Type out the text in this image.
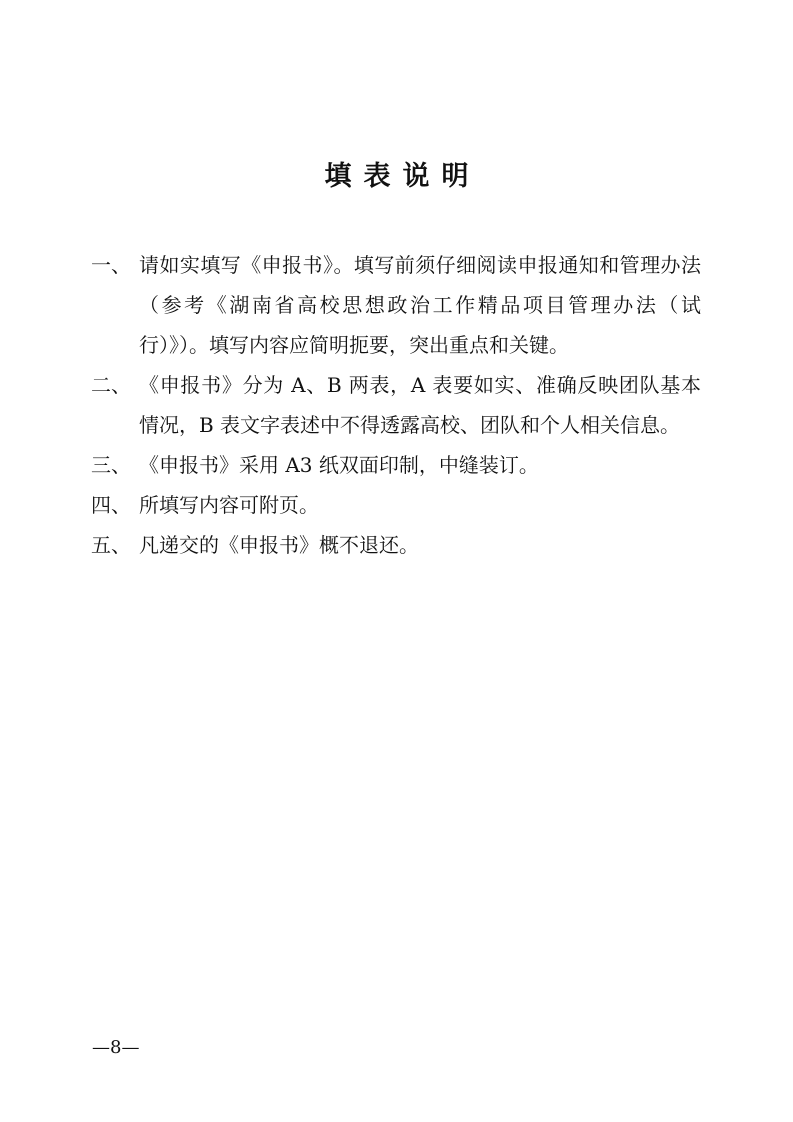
填表说明
一、 请如实填写《申报书》。填写前须仔细阅读申报通知和管理办法（参考《湖南省高校思想政治工作精品项目管理办法（试行）》）。填写内容应简明扼要，突出重点和关键。
二、 《申报书》分为 A、B 两表，A 表要如实、准确反映团队基本情况，B 表文字表述中不得透露高校、团队和个人相关信息。
三、 《申报书》采用 A3 纸双面印制，中缝装订。
四、 所填写内容可附页。
五、 凡递交的《申报书》概不退还。
—8—
